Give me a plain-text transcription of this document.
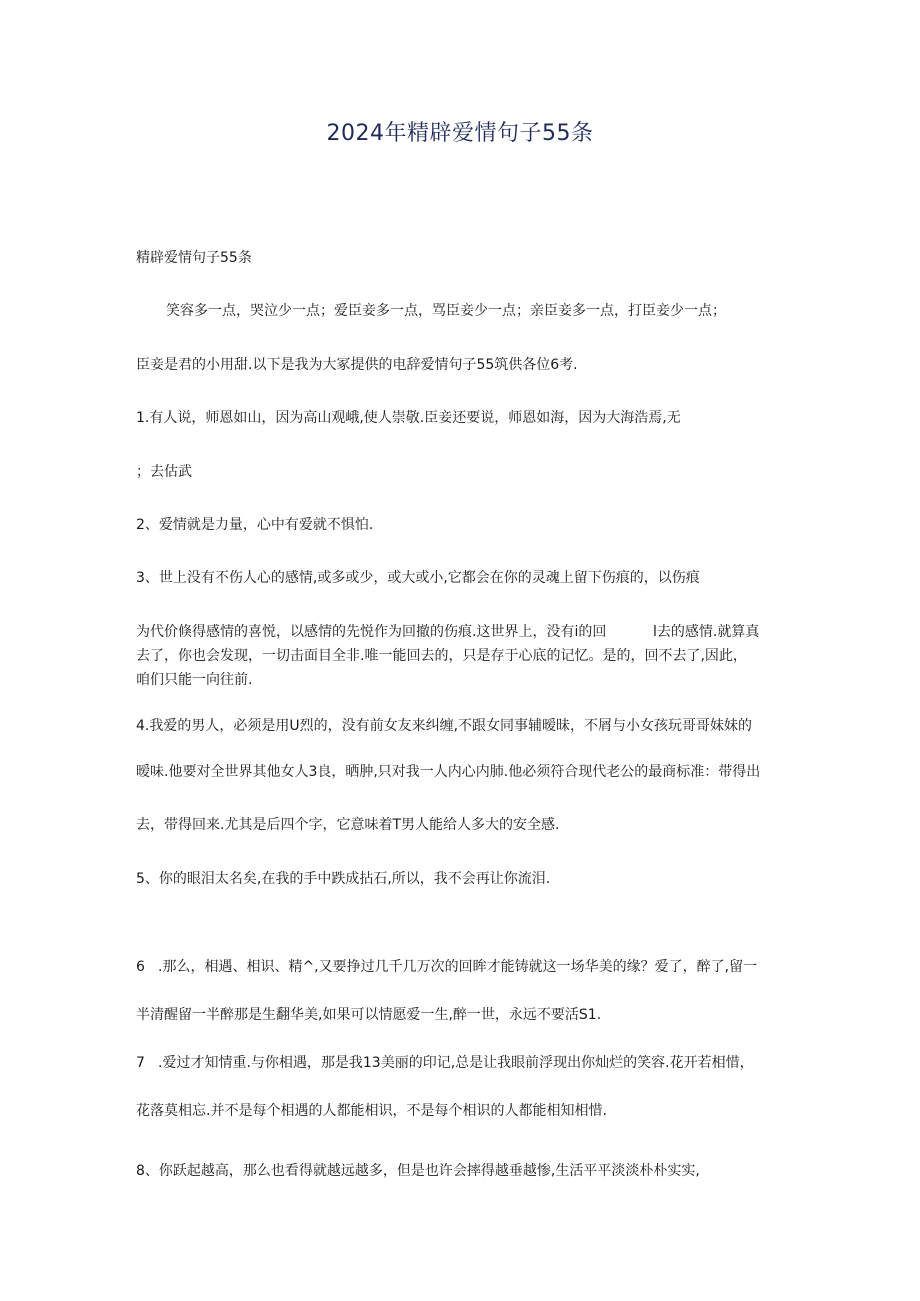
2024年精辟爱情句子55条
精辟爱情句子55条
笑容多一点，哭泣少一点；爱臣妾多一点，骂臣妾少一点；亲臣妾多一点，打臣妾少一点；
臣妾是君的小用甜.以下是我为大冢提供的电辞爱情句子55筑供各位6考.
1.有人说，师恩如山，因为高山观峨,使人崇敬.臣妾还要说，师恩如海，因为大海浩焉,无
；去估武
2、爱情就是力量，心中有爱就不惧怕.
3、世上没有不伤人心的感情,或多或少，或大或小,它都会在你的灵魂上留下伤痕的，以伤痕
为代价倏得感情的喜悦，以感情的先悦作为回撤的伤痕.这世界上，没有i的回	l去的感情.就算真
去了，你也会发现，一切击面目全非.唯一能回去的，只是存于心底的记忆。是的，回不去了,因此，
咱们只能一向往前.
4.我爱的男人，必须是用U烈的，没有前女友来纠缠,不跟女同事辅暧昧，不屑与小女孩玩哥哥妹妹的
暧味.他要对全世界其他女人3良，晒肿,只对我一人内心内肺.他必须符合现代老公的最商标准：带得出
去，带得回来.尤其是后四个字，它意味着T男人能给人多大的安全感.
5、你的眼泪太名矣,在我的手中跌成拈石,所以，我不会再让你流泪.
6 .那么，相遇、相识、精^,又要挣过几千几万次的回眸才能铸就这一场华美的缘？爱了，醉了,留一
半清醒留一半醉那是生翻华美,如果可以情愿爱一生,醉一世，永远不要活S1.
7 .爱过才知情重.与你相遇，那是我13美丽的印记,总是让我眼前浮现出你灿烂的笑容.花开若相惜，
花落莫相忘.并不是每个相遇的人都能相识，不是每个相识的人都能相知相惜.
8、你跃起越高，那么也看得就越远越多，但是也许会摔得越垂越惨,生活平平淡淡朴朴实实,
